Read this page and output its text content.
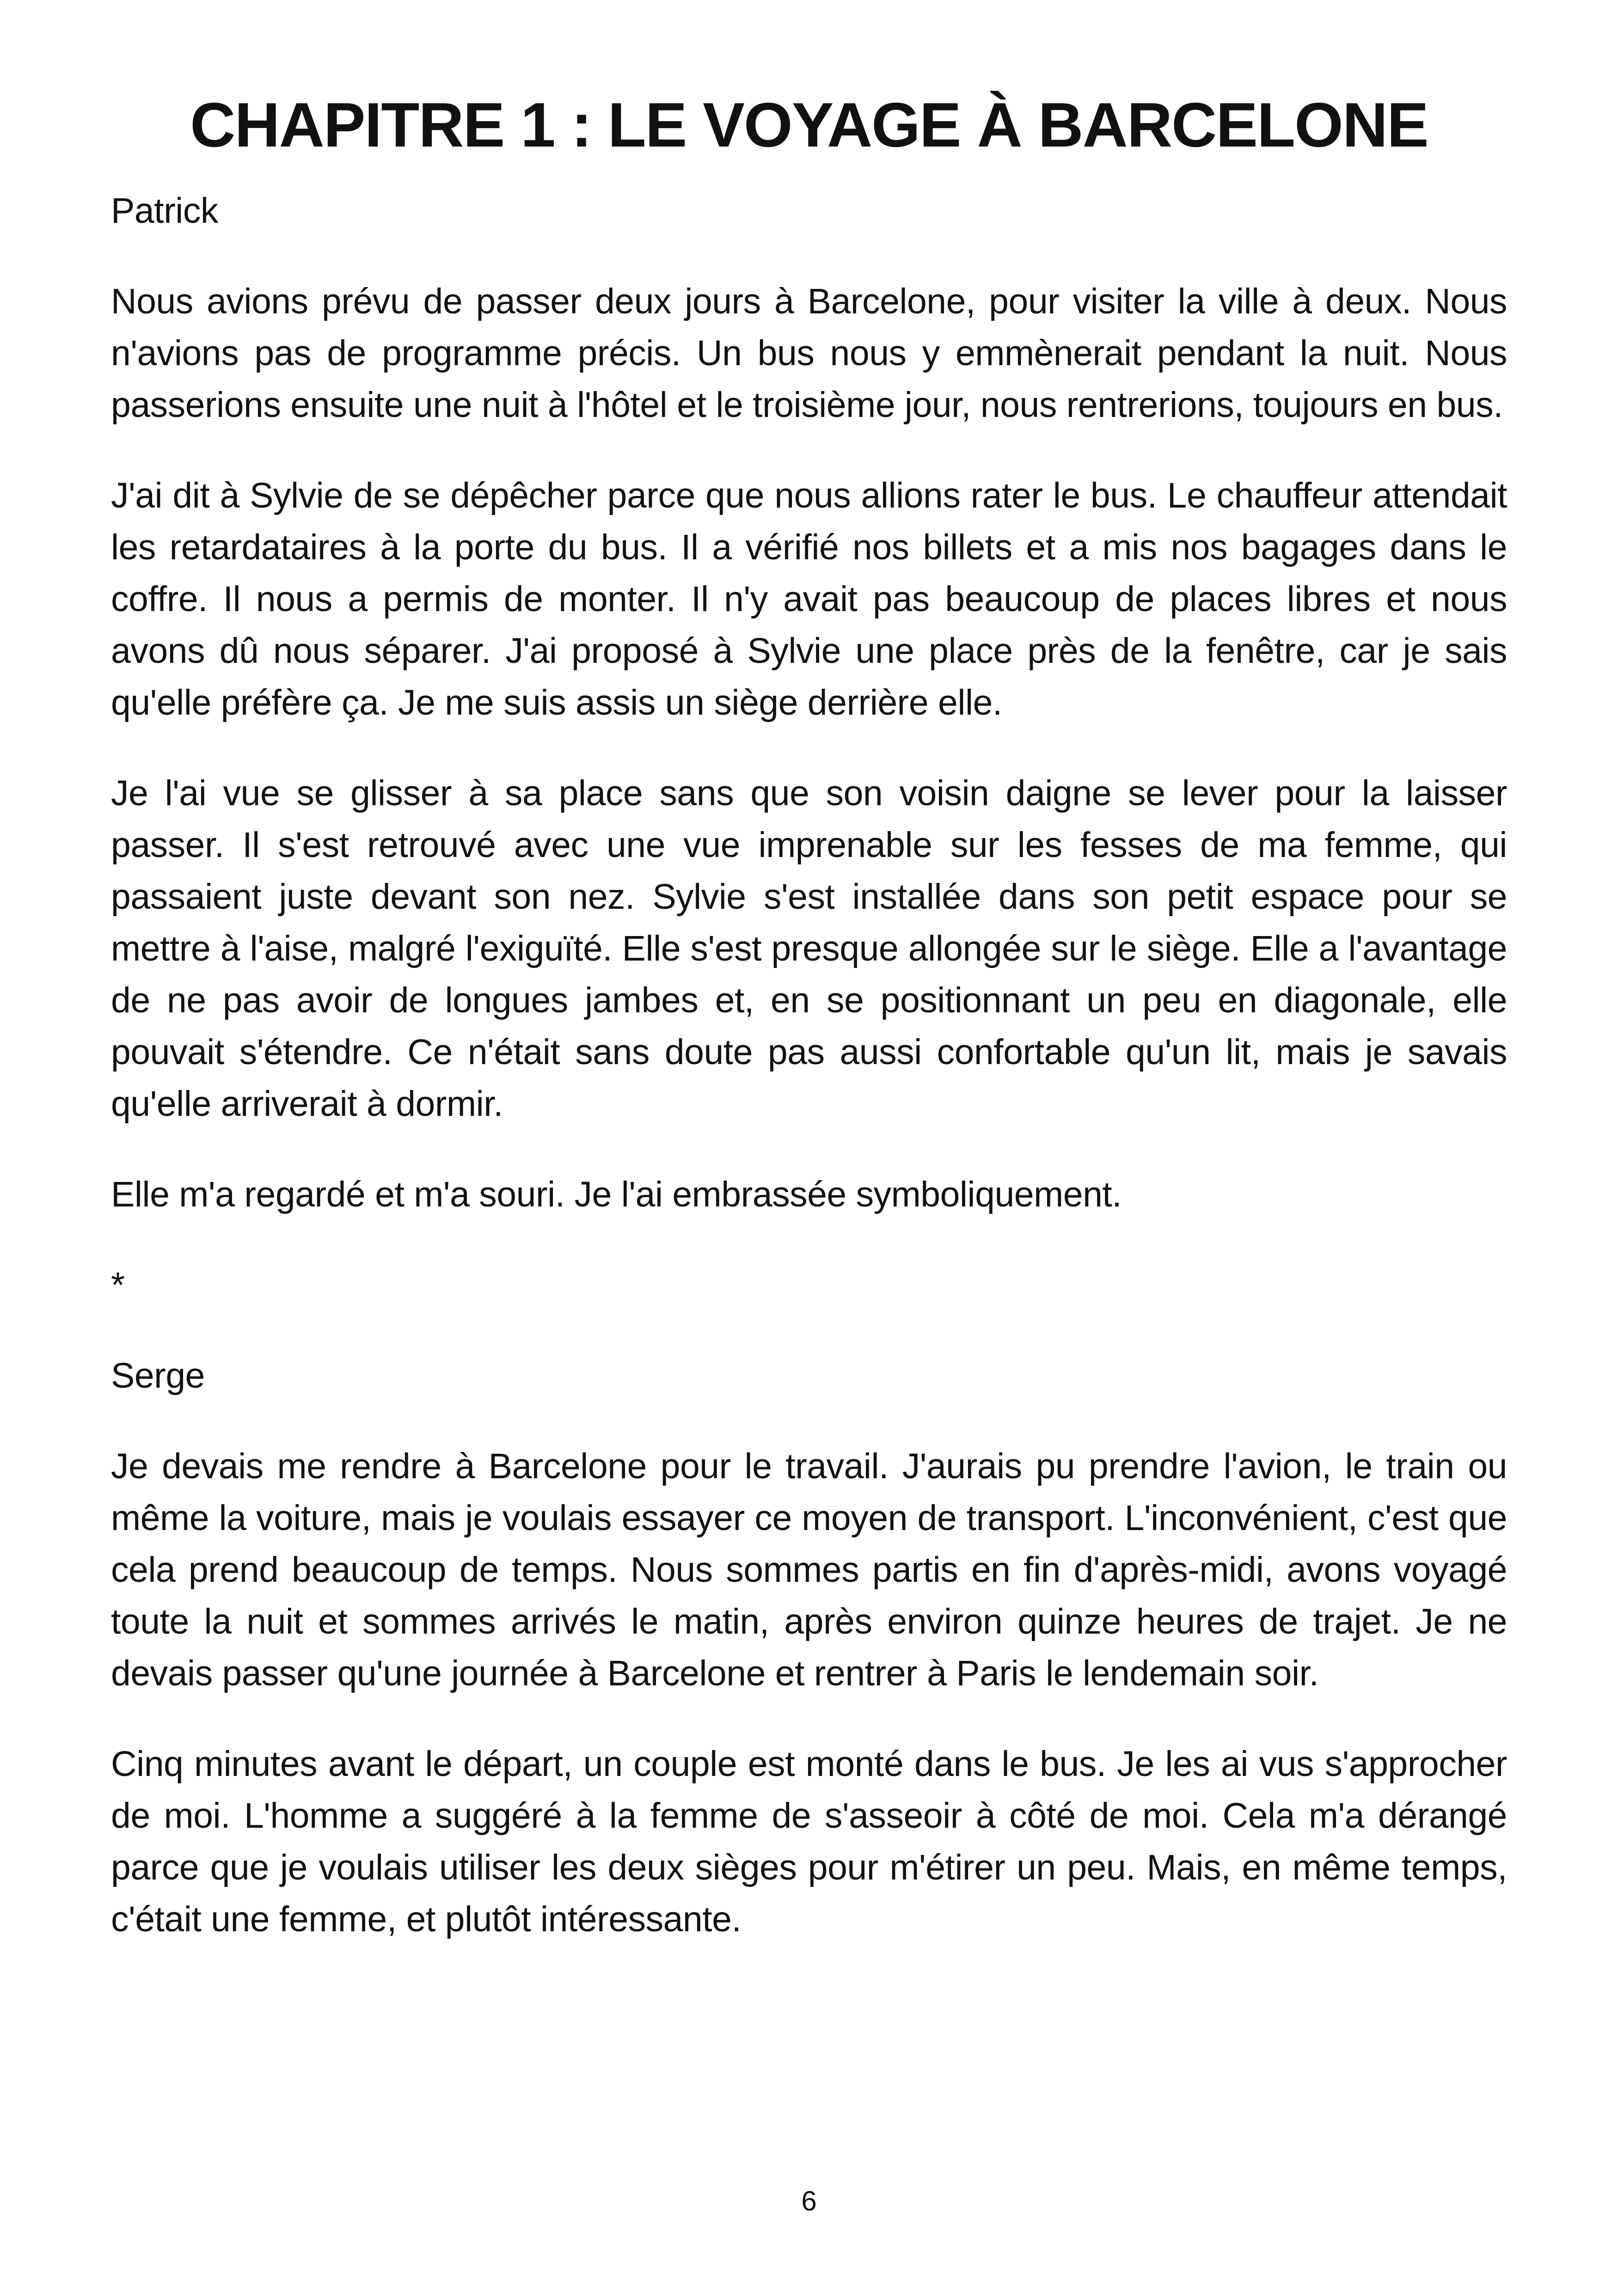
CHAPITRE 1 : LE VOYAGE À BARCELONE

Patrick

Nous avions prévu de passer deux jours à Barcelone, pour visiter la ville à deux. Nous n'avions pas de programme précis. Un bus nous y emmènerait pendant la nuit. Nous passerions ensuite une nuit à l'hôtel et le troisième jour, nous rentrerions, toujours en bus.

J'ai dit à Sylvie de se dépêcher parce que nous allions rater le bus. Le chauffeur attendait les retardataires à la porte du bus. Il a vérifié nos billets et a mis nos bagages dans le coffre. Il nous a permis de monter. Il n'y avait pas beaucoup de places libres et nous avons dû nous séparer. J'ai proposé à Sylvie une place près de la fenêtre, car je sais qu'elle préfère ça. Je me suis assis un siège derrière elle.

Je l'ai vue se glisser à sa place sans que son voisin daigne se lever pour la laisser passer. Il s'est retrouvé avec une vue imprenable sur les fesses de ma femme, qui passaient juste devant son nez. Sylvie s'est installée dans son petit espace pour se mettre à l'aise, malgré l'exiguïté. Elle s'est presque allongée sur le siège. Elle a l'avantage de ne pas avoir de longues jambes et, en se positionnant un peu en diagonale, elle pouvait s'étendre. Ce n'était sans doute pas aussi confortable qu'un lit, mais je savais qu'elle arriverait à dormir.

Elle m'a regardé et m'a souri. Je l'ai embrassée symboliquement.

*

Serge

Je devais me rendre à Barcelone pour le travail. J'aurais pu prendre l'avion, le train ou même la voiture, mais je voulais essayer ce moyen de transport. L'inconvénient, c'est que cela prend beaucoup de temps. Nous sommes partis en fin d'après-midi, avons voyagé toute la nuit et sommes arrivés le matin, après environ quinze heures de trajet. Je ne devais passer qu'une journée à Barcelone et rentrer à Paris le lendemain soir.

Cinq minutes avant le départ, un couple est monté dans le bus. Je les ai vus s'approcher de moi. L'homme a suggéré à la femme de s'asseoir à côté de moi. Cela m'a dérangé parce que je voulais utiliser les deux sièges pour m'étirer un peu. Mais, en même temps, c'était une femme, et plutôt intéressante.

6
